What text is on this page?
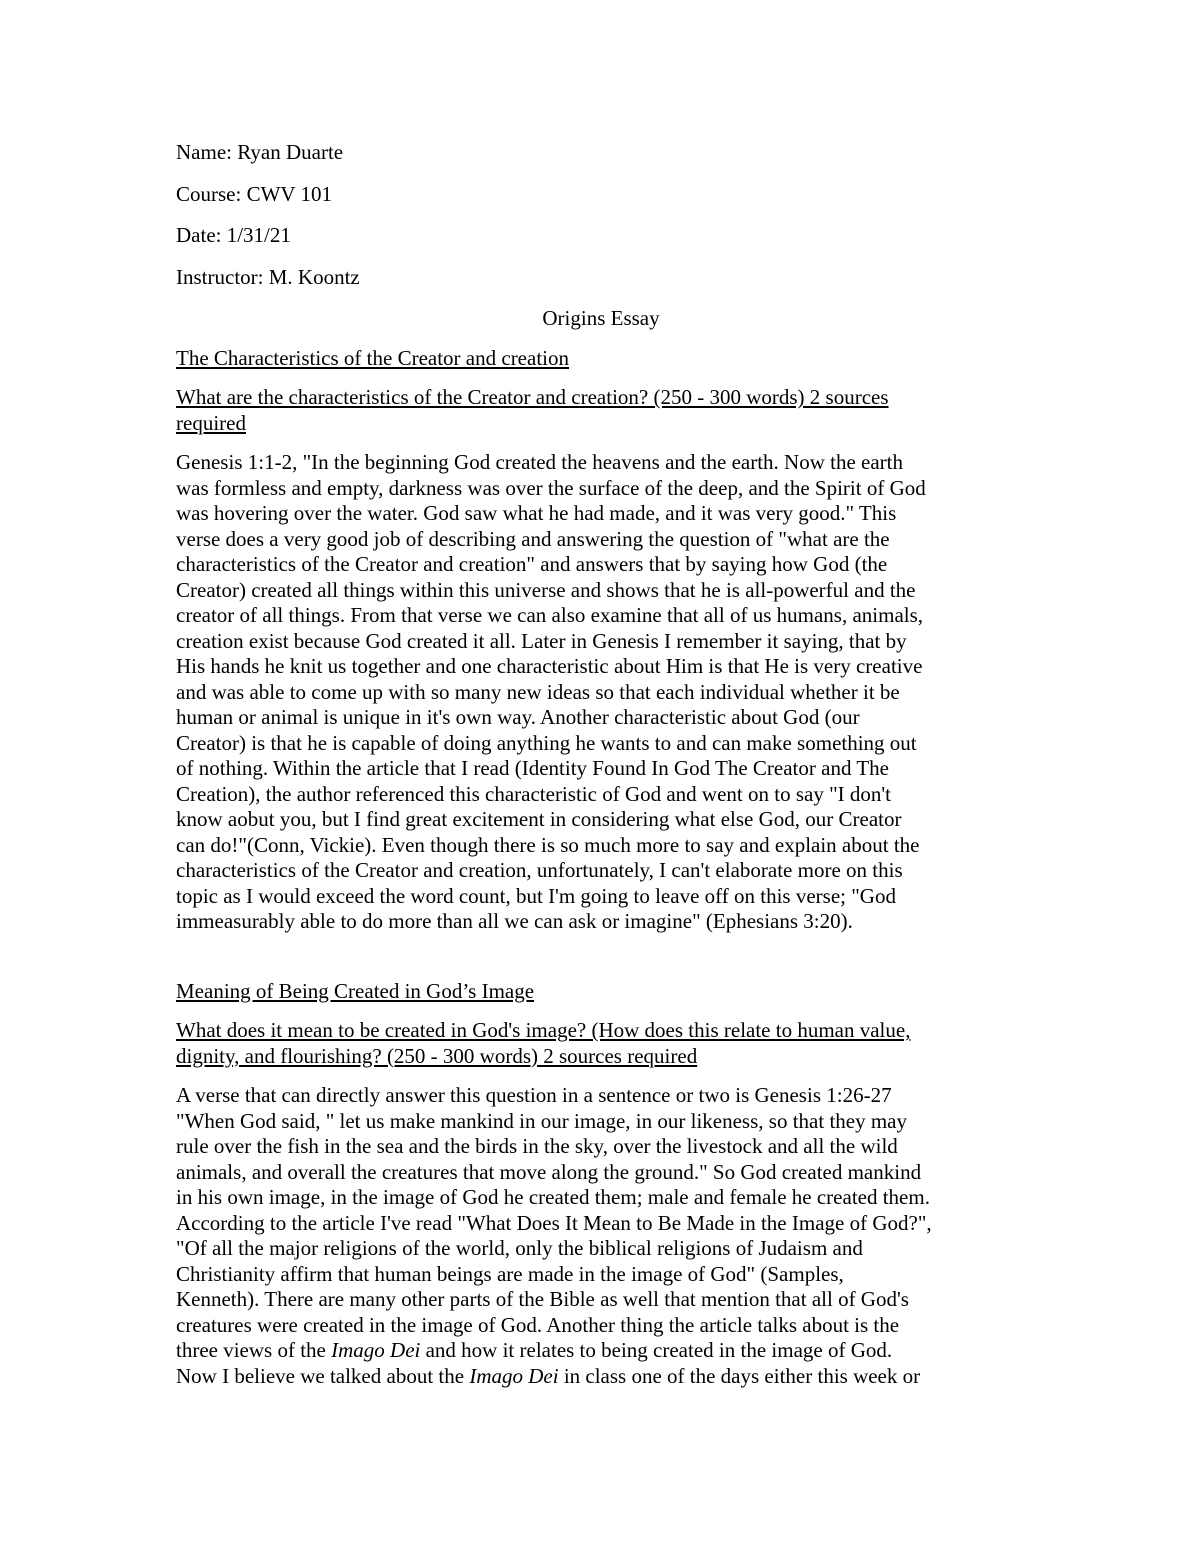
Name: Ryan Duarte

Course: CWV 101

Date: 1/31/21

Instructor: M. Koontz

Origins Essay

The Characteristics of the Creator and creation

What are the characteristics of the Creator and creation? (250 - 300 words) 2 sources
required
Genesis 1:1-2, "In the beginning God created the heavens and the earth. Now the earth
was formless and empty, darkness was over the surface of the deep, and the Spirit of God
was hovering over the water. God saw what he had made, and it was very good." This
verse does a very good job of describing and answering the question of "what are the
characteristics of the Creator and creation" and answers that by saying how God (the
Creator) created all things within this universe and shows that he is all-powerful and the
creator of all things. From that verse we can also examine that all of us humans, animals,
creation exist because God created it all. Later in Genesis I remember it saying, that by
His hands he knit us together and one characteristic about Him is that He is very creative
and was able to come up with so many new ideas so that each individual whether it be
human or animal is unique in it's own way. Another characteristic about God (our
Creator) is that he is capable of doing anything he wants to and can make something out
of nothing. Within the article that I read (Identity Found In God The Creator and The
Creation), the author referenced this characteristic of God and went on to say "I don't
know aobut you, but I find great excitement in considering what else God, our Creator
can do!"(Conn, Vickie). Even though there is so much more to say and explain about the
characteristics of the Creator and creation, unfortunately, I can't elaborate more on this
topic as I would exceed the word count, but I'm going to leave off on this verse; "God
immeasurably able to do more than all we can ask or imagine" (Ephesians 3:20).

Meaning of Being Created in God’s Image

What does it mean to be created in God's image? (How does this relate to human value,
dignity, and flourishing? (250 - 300 words) 2 sources required
A verse that can directly answer this question in a sentence or two is Genesis 1:26-27
"When God said, " let us make mankind in our image, in our likeness, so that they may
rule over the fish in the sea and the birds in the sky, over the livestock and all the wild
animals, and overall the creatures that move along the ground." So God created mankind
in his own image, in the image of God he created them; male and female he created them.
According to the article I've read "What Does It Mean to Be Made in the Image of God?",
"Of all the major religions of the world, only the biblical religions of Judaism and
Christianity affirm that human beings are made in the image of God" (Samples,
Kenneth). There are many other parts of the Bible as well that mention that all of God's
creatures were created in the image of God. Another thing the article talks about is the
three views of the Imago Dei and how it relates to being created in the image of God.
Now I believe we talked about the Imago Dei in class one of the days either this week or
